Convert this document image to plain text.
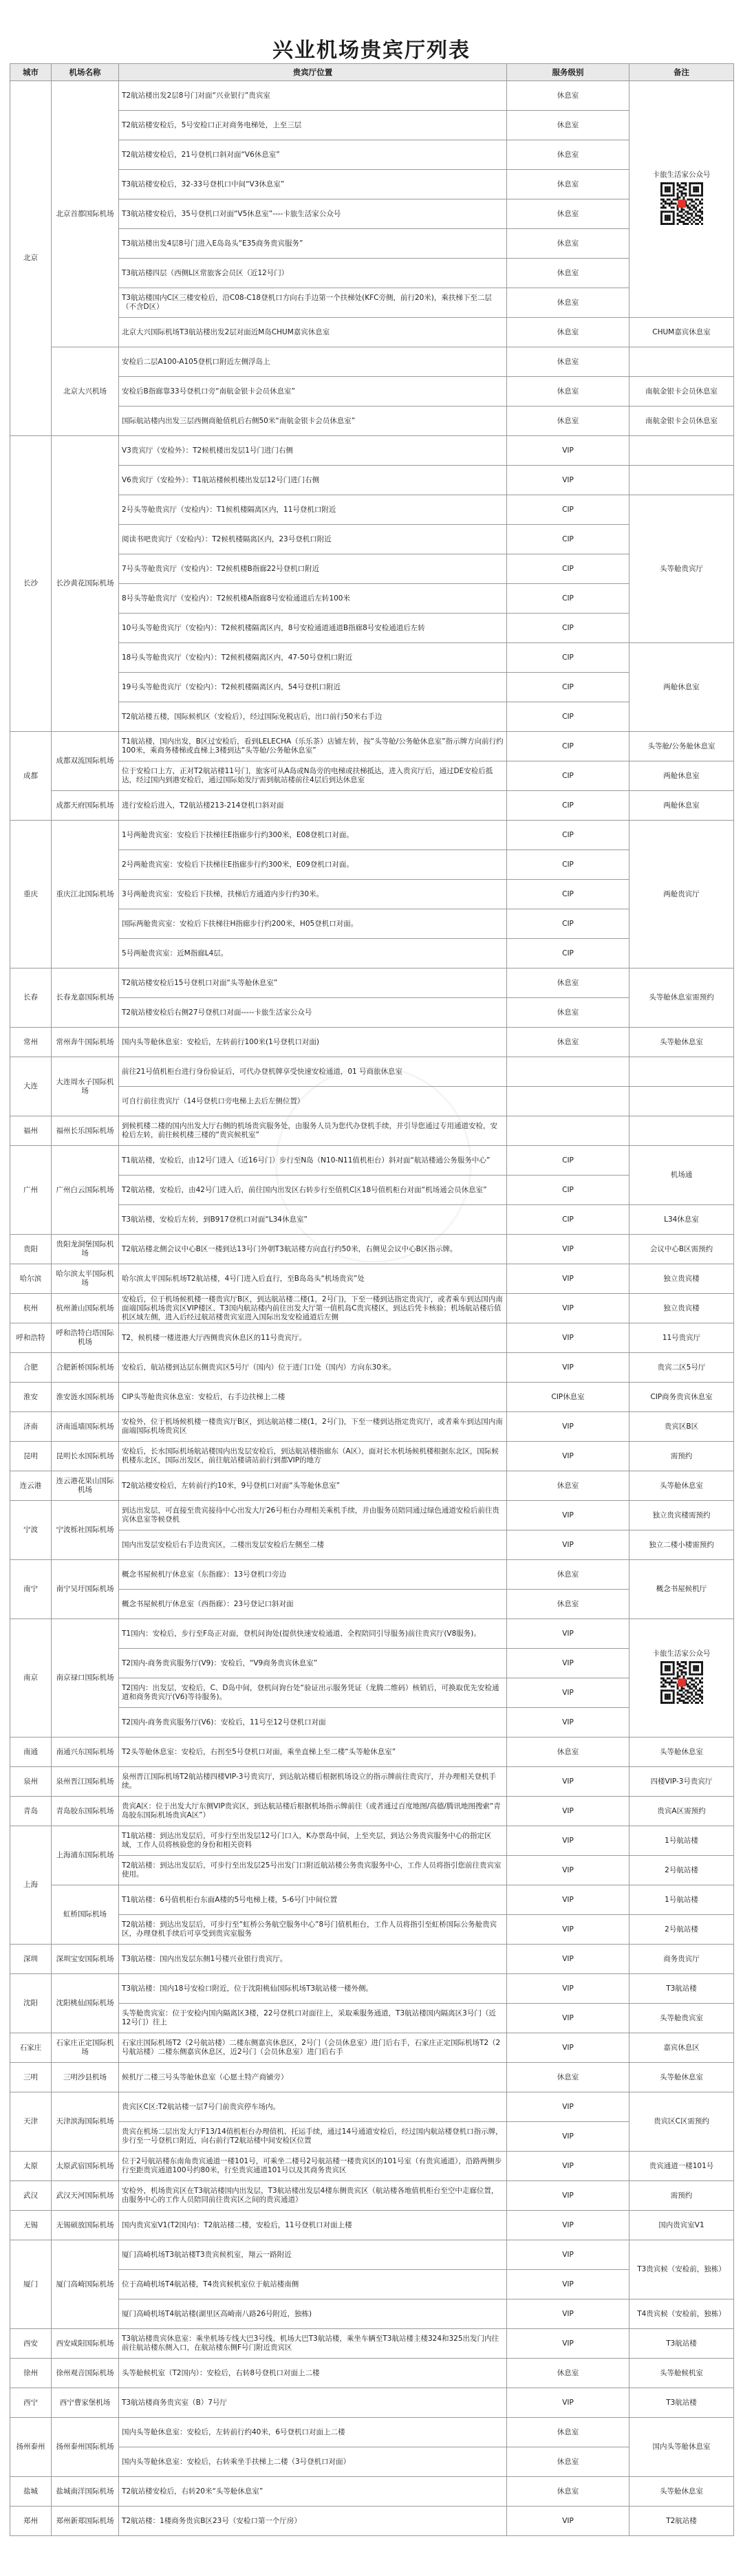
兴业机场贵宾厅列表
城市	机场名称	贵宾厅位置	服务级别	备注
北京	北京首都国际机场	T2航站楼出发2层8号门对面“兴业银行”贵宾室	休息室	卡旅生活家公众号

		T2航站楼安检后，5号安检口正对商务电梯处，上至三层	休息室	
		T2航站楼安检后，21号登机口斜对面“V6休息室”	休息室	
		T3航站楼安检后，32-33号登机口中间“V3休息室”	休息室	
		T3航站楼安检后，35号登机口对面“V5休息室”----卡旅生活家公众号	休息室	
		T3航站楼出发4层8号门进入E岛岛头“E35商务贵宾服务”	休息室	
		T3航站楼四层（西侧L区常旅客会员区（近12号门）	休息室	
		T3航站楼国内C区三楼安检后，沿C08-C18登机口方向右手边第一个扶梯处(KFC旁侧，前行20米)，乘扶梯下至二层（不含D区）	休息室	
		北京大兴国际机场T3航站楼出发2层对面近M岛CHUM嘉宾休息室	休息室	CHUM嘉宾休息室
	北京大兴机场	安检后二层A100-A105登机口附近左侧浮岛上	休息室	
		安检后B指廊靠33号登机口旁“南航金银卡会员休息室”	休息室	南航金银卡会员休息室
		国际航站楼内出发三层西侧商舱值机后右侧50米“南航金银卡会员休息室”	休息室	南航金银卡会员休息室
长沙	长沙黄花国际机场	V3贵宾厅（安检外）：T2候机楼出发层1号门进门右侧	VIP	
		V6贵宾厅（安检外）：T1航站楼候机楼出发层12号门进门右侧	VIP	
		2号头等舱贵宾厅（安检内）：T1候机楼隔离区内，11号登机口附近	CIP	头等舱贵宾厅
		阅读书吧贵宾厅（安检内）：T2候机楼隔离区内，23号登机口附近	CIP	
		7号头等舱贵宾厅（安检内）：T2候机楼B指廊22号登机口附近	CIP	
		8号头等舱贵宾厅（安检内）：T2候机楼A指廊8号安检通道后左转100米	CIP	
		10号头等舱贵宾厅（安检内）：T2候机楼隔离区内，8号安检通道通道B指廊8号安检通道后左转	CIP	
		18号头等舱贵宾厅（安检内）：T2候机楼隔离区内，47-50号登机口附近	CIP	两舱休息室
		19号头等舱贵宾厅（安检内）：T2候机楼隔离区内，54号登机口附近	CIP	
		T2航站楼五楼，国际候机区（安检后），经过国际免税店后，出口前行50米右手边	CIP	
成都	成都双流国际机场	T1航站楼，国内出发，B区过安检后，看到LELECHA（乐乐茶）店铺左转，按“头等舱/公务舱休息室”指示牌方向前行约100米，乘商务楼梯或直梯上3楼到达“头等舱/公务舱休息室”	CIP	头等舱/公务舱休息室
		位于安检口上方，正对T2航站楼11号门，旅客可从A岛或N岛旁的电梯或扶梯抵达，进入贵宾厅后，通过DE安检后抵达，经过国内到港安检后，通过国际始发厅需到航站楼前往4层后到达休息室	CIP	两舱休息室
	成都天府国际机场	进行安检后进入，T2航站楼213-214登机口斜对面	CIP	两舱休息室
重庆	重庆江北国际机场	1号两舱贵宾室：安检后下扶梯往E指廊步行约300米，E08登机口对面。	CIP	两舱贵宾厅
		2号两舱贵宾室：安检后下扶梯往E指廊步行约300米，E09登机口对面。	CIP	
		3号两舱贵宾室：安检后下扶梯，扶梯后方通道内步行约30米。	CIP	
		国际两舱贵宾室：安检后下扶梯往H指廊步行约200米，H05登机口对面。	CIP	
		5号两舱贵宾室：近M指廊L4层。	CIP	
长春	长春龙嘉国际机场	T2航站楼安检后15号登机口对面“头等舱休息室”	休息室	头等舱休息室需预约
		T2航站楼安检后右侧27号登机口对面-----卡旅生活家公众号	休息室	
常州	常州奔牛国际机场	国内头等舱休息室：安检后，左转前行100米(1号登机口对面)	休息室	头等舱休息室
大连	大连周水子国际机场	前往21号值机柜台进行身份验证后，可代办登机牌享受快速安检通道，01 号商旅休息室		
		可自行前往贵宾厅（14号登机口旁电梯上去后左侧位置）		
福州	福州长乐国际机场	到候机楼二楼的国内出发大厅右侧的机场贵宾服务处，由服务人员为您代办登机手续，并引导您通过专用通道安检，安检后左转，前往候机楼三楼的“贵宾候机室”		
广州	广州白云国际机场	T1航站楼，安检后，由12号门进入（近16号门）步行至N岛（N10-N11值机柜台）斜对面“航站楼通公务服务中心”	CIP	机场通
		T2航站楼，安检后，由42号门进入后，前往国内出发区右转步行至值机C区18号值机柜台对面“机场通会员休息室”	CIP	
		T3航站楼，安检后左转，到B917登机口对面“L34休息室”	CIP	L34休息室
贵阳	贵阳龙洞堡国际机场	T2航站楼北侧会议中心B区一楼到达13号门外朝T3航站楼方向直行约50米，右侧见会议中心B区指示牌。	VIP	会议中心B区需预约
哈尔滨	哈尔滨太平国际机场	哈尔滨太平国际机场T2航站楼，4号门进入后直行，至B岛岛头“机场贵宾”处	VIP	独立贵宾楼
杭州	杭州萧山国际机场	安检后，位于机场候机楼一楼贵宾厅B区，到达航站楼二楼(1，2号门)，下至一楼到达指定贵宾厅，或者乘车到达国内南面端国际机场贵宾区VIP楼区、T3国内航站楼内前往出发大厅第一值机岛C贵宾楼区，到达后凭卡核验；机场航站楼后值机区域左侧，进入后经过航站楼贵宾室进入国际出发安检通道后左侧	VIP	独立贵宾楼
呼和浩特	呼和浩特白塔国际机场	T2，候机楼一楼进港大厅西侧贵宾休息区的11号贵宾厅。	VIP	11号贵宾厅
合肥	合肥新桥国际机场	安检后，航站楼到达层东侧贵宾区5号厅（国内）位于进门口处（国内）方向东30米。	VIP	贵宾二区5号厅
淮安	淮安涟水国际机场	CIP头等舱贵宾休息室：安检后，右手边扶梯上二楼	CIP休息室	CIP商务贵宾休息室
济南	济南遥墙国际机场	安检外，位于机场候机楼一楼贵宾厅B区，到达航站楼二楼(1，2号门)，下至一楼到达指定贵宾厅，或者乘车到达国内南面端国际机场贵宾区	VIP	贵宾区B区
昆明	昆明长水国际机场	安检后，长水国际机场航站楼国内出发层安检后，到达航站楼指廊东（A区），面对长水机场候机楼根据东北区，国际候机楼东北区，国际出发区，前往航站楼请站前行到都VIP的地方	VIP	需预约
连云港	连云港花果山国际机场	T2航站楼安检后，左转前行约10米，9号登机口对面“头等舱休息室”	休息室	头等舱休息室
宁波	宁波栎社国际机场	到达出发层，可直接至贵宾接待中心出发大厅26号柜台办理相关乘机手续，并由服务员陪同通过绿色通道安检后前往贵宾休息室等候登机	VIP	独立贵宾楼需预约
		国内出发层安检后右手边贵宾区，二楼出发层安检后左侧至二楼	VIP	独立二楼小楼需预约
南宁	南宁吴圩国际机场	概念书屋候机厅休息室（东指廊）：13号登机口旁边	休息室	概念书屋候机厅
		概念书屋候机厅休息室（西指廊）：23号登记口斜对面	休息室	
南京	南京禄口国际机场	T1国内：安检后，步行至F岛正对面，登机问询处(提供快速安检通道、全程陪同引导服务)前往贵宾厅(V8服务)。	VIP	卡旅生活家公众号

		T2国内-商务贵宾服务厅(V9)：安检后，“V9商务贵宾休息室”	VIP	
		T2国内：出发层，安检后，C、D岛中间，登机问询台处“验证出示服务凭证（龙腾二维码）核销后，可换取优先安检通道和商务贵宾厅(V6)等待服务)。	VIP	
		T2国内-商务贵宾服务厅(V6)：安检后，11号至12号登机口对面	VIP	
南通	南通兴东国际机场	T2头等舱休息室：安检后，右拐至5号登机口对面，乘坐直梯上至二楼“头等舱休息室”	休息室	头等舱休息室
泉州	泉州晋江国际机场	泉州晋江国际机场T2航站楼四楼VIP-3号贵宾厅，到达航站楼后根据机场设立的指示牌前往贵宾厅，并办理相关登机手续。	VIP	四楼VIP-3号贵宾厅
青岛	青岛胶东国际机场	贵宾A区：位于出发大厅东侧VIP贵宾区，到达航站楼后根据机场指示牌前往（或者通过百度地图/高德/腾讯地图搜索“青岛胶东国际机场贵宾A区”）	VIP	贵宾A区需预约
上海	上海浦东国际机场	T1航站楼：到达出发层后，可步行至出发层12号门口入，K办票岛中间，上至夹层，到达公务贵宾服务中心的指定区域，工作人员将核验您的身份和相关资料	VIP	1号航站楼
		T2航站楼：到达出发层后，可步行至出发层25号出发门口附近航站楼公务贵宾服务中心，工作人员将指引您前往贵宾室使用。	VIP	2号航站楼
	虹桥国际机场	T1航站楼：6号值机柜台东面A楼的5号电梯上楼，5-6号门中间位置	VIP	1号航站楼
		T2航站楼：到达出发层后，可步行至“虹桥公务航空服务中心”8号门值机柜台，工作人员将指引至虹桥国际公务舱贵宾区，办理登机手续后可享受到贵宾室服务	VIP	2号航站楼
深圳	深圳宝安国际机场	T3航站楼：国内出发层东侧1号楼兴业银行贵宾厅。	VIP	商务贵宾厅
沈阳	沈阳桃仙国际机场	T3航站楼：国内18号安检口附近，位于沈阳桃仙国际机场T3航站楼一楼外侧。	VIP	T3航站楼
		头等舱贵宾室：位于安检内国内隔离区3楼，22号登机口对面往上，采取乘服务通道，T3航站楼国内隔离区3号门（近12号门）往上	VIP	头等舱贵宾室
石家庄	石家庄正定国际机场	石家庄国际机场T2（2号航站楼）二楼东侧嘉宾休息区，2号门（会员休息室）进门后右手，石家庄正定国际机场T2（2号航站楼）二楼东侧嘉宾休息区，近2号门（会员休息室）进门后右手	VIP	嘉宾休息区
三明	三明沙县机场	候机厅二楼三号头等舱休息室（心愿土特产商铺旁）	休息室	头等舱休息室
天津	天津滨海国际机场	贵宾区C区:T2航站楼一层7号门前贵宾停车场内。	VIP	贵宾区C区需预约
		贵宾在机场二层出发大厅F13/14值机柜台办理值机、托运手续，通过14号通道安检后，经过国内航站楼登机口指示牌，步行至一号登机口附近，向右前行T2航站楼中间安检区位置	VIP	
太原	太原武宿国际机场	位于2号航站楼东南角贵宾通道一楼101号，可乘坐二楼号2号航站楼一楼贵宾区的101号室（有贵宾通道），沿路两侧步行至距贵宾通道100号约80米，行至贵宾通道101号以及其商务贵宾区	VIP	贵宾通道一楼101号
武汉	武汉天河国际机场	安检外，机场贵宾区在T3航站楼国内出发层，T3航站楼出发层4楼东侧贵宾区（航站楼各地值机柜台至空中走廊位置，由服务中心的工作人员陪同前往贵宾区之间的贵宾通道）	VIP	需预约
无锡	无锡硕放国际机场	国内贵宾室V1(T2国内)：T2航站楼二楼，安检后，11号登机口对面上楼	VIP	国内贵宾室V1
厦门	厦门高崎国际机场	厦门高崎机场T3航站楼T3贵宾候机室，翔云一路附近	VIP	T3贵宾候（安检前，独栋）
		位于高崎机场T4航站楼，T4贵宾候机室位于航站楼南侧	VIP	
		厦门高崎机场T4航站楼(湖里区高崎南八路26号附近，独栋)	VIP	T4贵宾候（安检前，独栋）
西安	西安咸阳国际机场	T3航站楼贵宾休息室：乘坐机场专线大巴3号线、机场大巴T3航站楼，乘坐车辆至T3航站楼主楼324和325出发门内往前往航站楼东侧入口，在航站楼东侧F号门附近贵宾区	VIP	T3航站楼
徐州	徐州观音国际机场	头等舱候机室（T2国内）：安检后，右转8号登机口对面上二楼	休息室	头等舱候机室
西宁	西宁曹家堡机场	T3航站楼商务贵宾室（B）7号厅	VIP	T3航站楼
扬州泰州	扬州泰州国际机场	国内头等舱休息室：安检后，左转前行约40米，6号登机口对面上二楼	休息室	国内头等舱休息室
		国内头等舱休息室：安检后，右转乘坐手扶梯上二楼（3号登机口对面）	休息室	
盐城	盐城南洋国际机场	T2航站楼安检后，右转20米“头等舱休息室”	休息室	头等舱休息室
郑州	郑州新郑国际机场	T2航站楼：1楼商务贵宾B区23号（安检口第一个厅房）	VIP	T2航站楼
